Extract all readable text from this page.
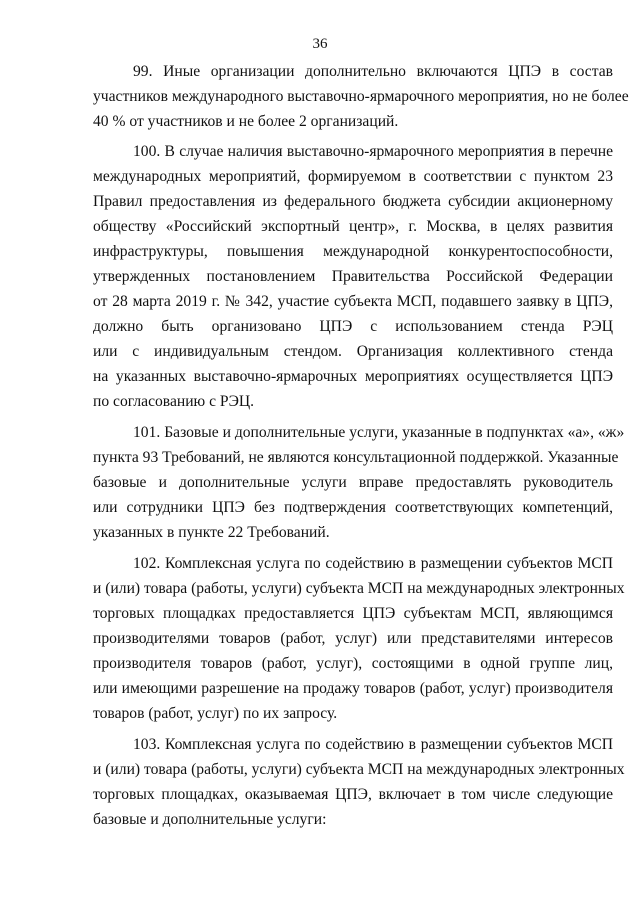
36
99. Иные организации дополнительно включаются ЦПЭ в состав
участников международного выставочно-ярмарочного мероприятия, но не более
40 % от участников и не более 2 организаций.
100. В случае наличия выставочно-ярмарочного мероприятия в перечне
международных мероприятий, формируемом в соответствии с пунктом 23
Правил предоставления из федерального бюджета субсидии акционерному
обществу «Российский экспортный центр», г. Москва, в целях развития
инфраструктуры, повышения международной конкурентоспособности,
утвержденных постановлением Правительства Российской Федерации
от 28 марта 2019 г. № 342, участие субъекта МСП, подавшего заявку в ЦПЭ,
должно быть организовано ЦПЭ с использованием стенда РЭЦ
или с индивидуальным стендом. Организация коллективного стенда
на указанных выставочно-ярмарочных мероприятиях осуществляется ЦПЭ
по согласованию с РЭЦ.
101. Базовые и дополнительные услуги, указанные в подпунктах «а», «ж»
пункта 93 Требований, не являются консультационной поддержкой. Указанные
базовые и дополнительные услуги вправе предоставлять руководитель
или сотрудники ЦПЭ без подтверждения соответствующих компетенций,
указанных в пункте 22 Требований.
102. Комплексная услуга по содействию в размещении субъектов МСП
и (или) товара (работы, услуги) субъекта МСП на международных электронных
торговых площадках предоставляется ЦПЭ субъектам МСП, являющимся
производителями товаров (работ, услуг) или представителями интересов
производителя товаров (работ, услуг), состоящими в одной группе лиц,
или имеющими разрешение на продажу товаров (работ, услуг) производителя
товаров (работ, услуг) по их запросу.
103. Комплексная услуга по содействию в размещении субъектов МСП
и (или) товара (работы, услуги) субъекта МСП на международных электронных
торговых площадках, оказываемая ЦПЭ, включает в том числе следующие
базовые и дополнительные услуги:
